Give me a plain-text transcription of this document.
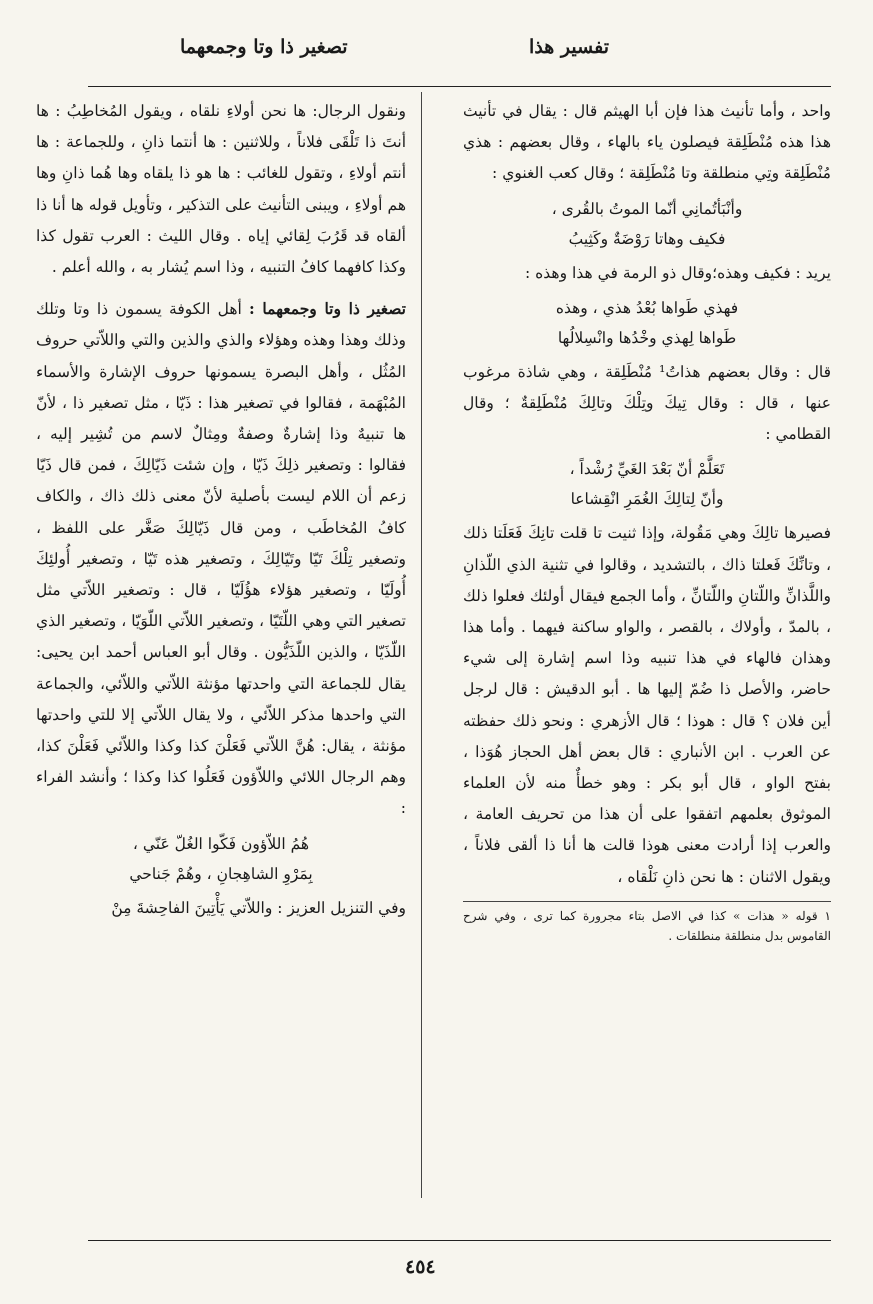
تفسير هذا
تصغير ذا وتا وجمعهما

واحد ، وأما تأنيث هذا فإن أبا الهيثم قال : يقال في تأنيث هذا هذه مُنْطَلِقة فيصلون ياء بالهاء ، وقال بعضهم : هذي مُنْطَلِقة وتِي منطلقة وتا مُنْطَلِقة ؛ وقال كعب الغنوي :

وأنْبَأتُمانِي أنّما الموتُ بالقُرى ،
فكيف وهاتا رَوْضَةٌ وكَثِيبُ

يريد : فكيف وهذه؛وقال ذو الرمة في هذا وهذه :

فهذي طَواها بُعْدُ هذي ، وهذه
طَواها لِهذي وخْدُها وانْسِلالُها

قال : وقال بعضهم هذاتُ¹ مُنْطَلِقة ، وهي شاذة مرغوب عنها ، قال : وقال تِيكَ وتِلْكَ وتالِكَ مُنْطَلِقةٌ ؛ وقال القطامي :

تَعَلَّمْ أنّ بَعْدَ الغَيِّ رُشْداً ،
وأنّ لِتالِكَ الغُمَرِ انْقِشاعا

فصيرها تالِكَ وهي مَقُولة، وإذا ثنيت تا قلت تانِكَ فَعَلَتا ذلك ، وتانِّكَ فَعلتا ذاك ، بالتشديد ، وقالوا في تثنية الذي اللّذانِ واللَّذانِّ واللّتانِ واللّتانِّ ، وأما الجمع فيقال أولئك فعلوا ذلك ، بالمدّ ، وأولاك ، بالقصر ، والواو ساكنة فيهما . وأما هذا وهذان فالهاء في هذا تنبيه وذا اسم إشارة إلى شيء حاضر، والأصل ذا ضُمّ إليها ها . أبو الدقيش : قال لرجل أين فلان ؟ قال : هوذا ؛ قال الأزهري : ونحو ذلك حفظته عن العرب . ابن الأنباري : قال بعض أهل الحجاز هُوَذا ، بفتح الواو ، قال أبو بكر : وهو خطأٌ منه لأن العلماء الموثوق بعلمهم اتفقوا على أن هذا من تحريف العامة ، والعرب إذا أرادت معنى هوذا قالت ها أنا ذا ألقى فلاناً ، ويقول الاثنان : ها نحن ذانِ نَلْقاه ،

١ قوله « هذات » كذا في الاصل بتاء مجرورة كما ترى ، وفي شرح القاموس بدل منطلقة منطلقات .

ونقول الرجال: ها نحن أولاءِ نلقاه ، ويقول المُخاطِبُ : ها أنتَ ذا تَلْقَى فلاناً ، وللاثنين : ها أنتما ذانِ ، وللجماعة : ها أنتم أولاءِ ، وتقول للغائب : ها هو ذا يلقاه وها هُما ذانِ وها هم أولاءِ ، ويبنى التأنيث على التذكير ، وتأويل قوله ها أنا ذا ألقاه قد قَرُبَ لِقائي إياه . وقال الليث : العرب تقول كذا وكذا كافهما كافُ التنبيه ، وذا اسم يُشار به ، والله أعلم .

تصغير ذا وتا وجمعهما : أهل الكوفة يسمون ذا وتا وتلك وذلك وهذا وهذه وهؤلاء والذي والذين والتي واللاّتي حروف المُثُل ، وأهل البصرة يسمونها حروف الإشارة والأسماء المُبْهَمة ، فقالوا في تصغير هذا : ذَيّا ، مثل تصغير ذا ، لأنّ ها تنبيهٌ وذا إشارةٌ وصفةٌ ومِثالٌ لاسم من تُشِير إليه ، فقالوا : وتصغير ذلِكَ ذَيّا ، وإن شئت ذَيّالِكَ ، فمن قال ذَيّا زعم أن اللام ليست بأصلية لأنّ معنى ذلك ذاك ، والكاف كافُ المُخاطَب ، ومن قال ذَيّالِكَ صَغَّر على اللفظ ، وتصغير تِلْكَ تَيّا وتَيّالِكَ ، وتصغير هذه تَيّا ، وتصغير أُولئِكَ أُولَيّا ، وتصغير هؤلاء هؤُلَيّا ، قال : وتصغير اللاّتي مثل تصغير التي وهي اللّتَيّا ، وتصغير اللاّتي اللّوَيّا ، وتصغير الذي اللّذَيّا ، والذين اللّذَيُّون . وقال أبو العباس أحمد ابن يحيى: يقال للجماعة التي واحدتها مؤنثة اللاّتي واللاّئي، والجماعة التي واحدها مذكر اللاّئي ، ولا يقال اللاّتي إلا للتي واحدتها مؤنثة ، يقال: هُنَّ اللاّتي فَعَلْنَ كذا وكذا واللاّئي فَعَلْنَ كذا، وهم الرجال اللائي واللاّؤون فَعَلُوا كذا وكذا ؛ وأنشد الفراء :

هُمُ اللاّؤون فَكّوا الغُلّ عَنّي ،
بِمَرْوِ الشاهِجانِ ، وهُمْ جَناحي

وفي التنزيل العزيز : واللاّتي يَأْتِينَ الفاحِشةَ مِنْ

٤٥٤
